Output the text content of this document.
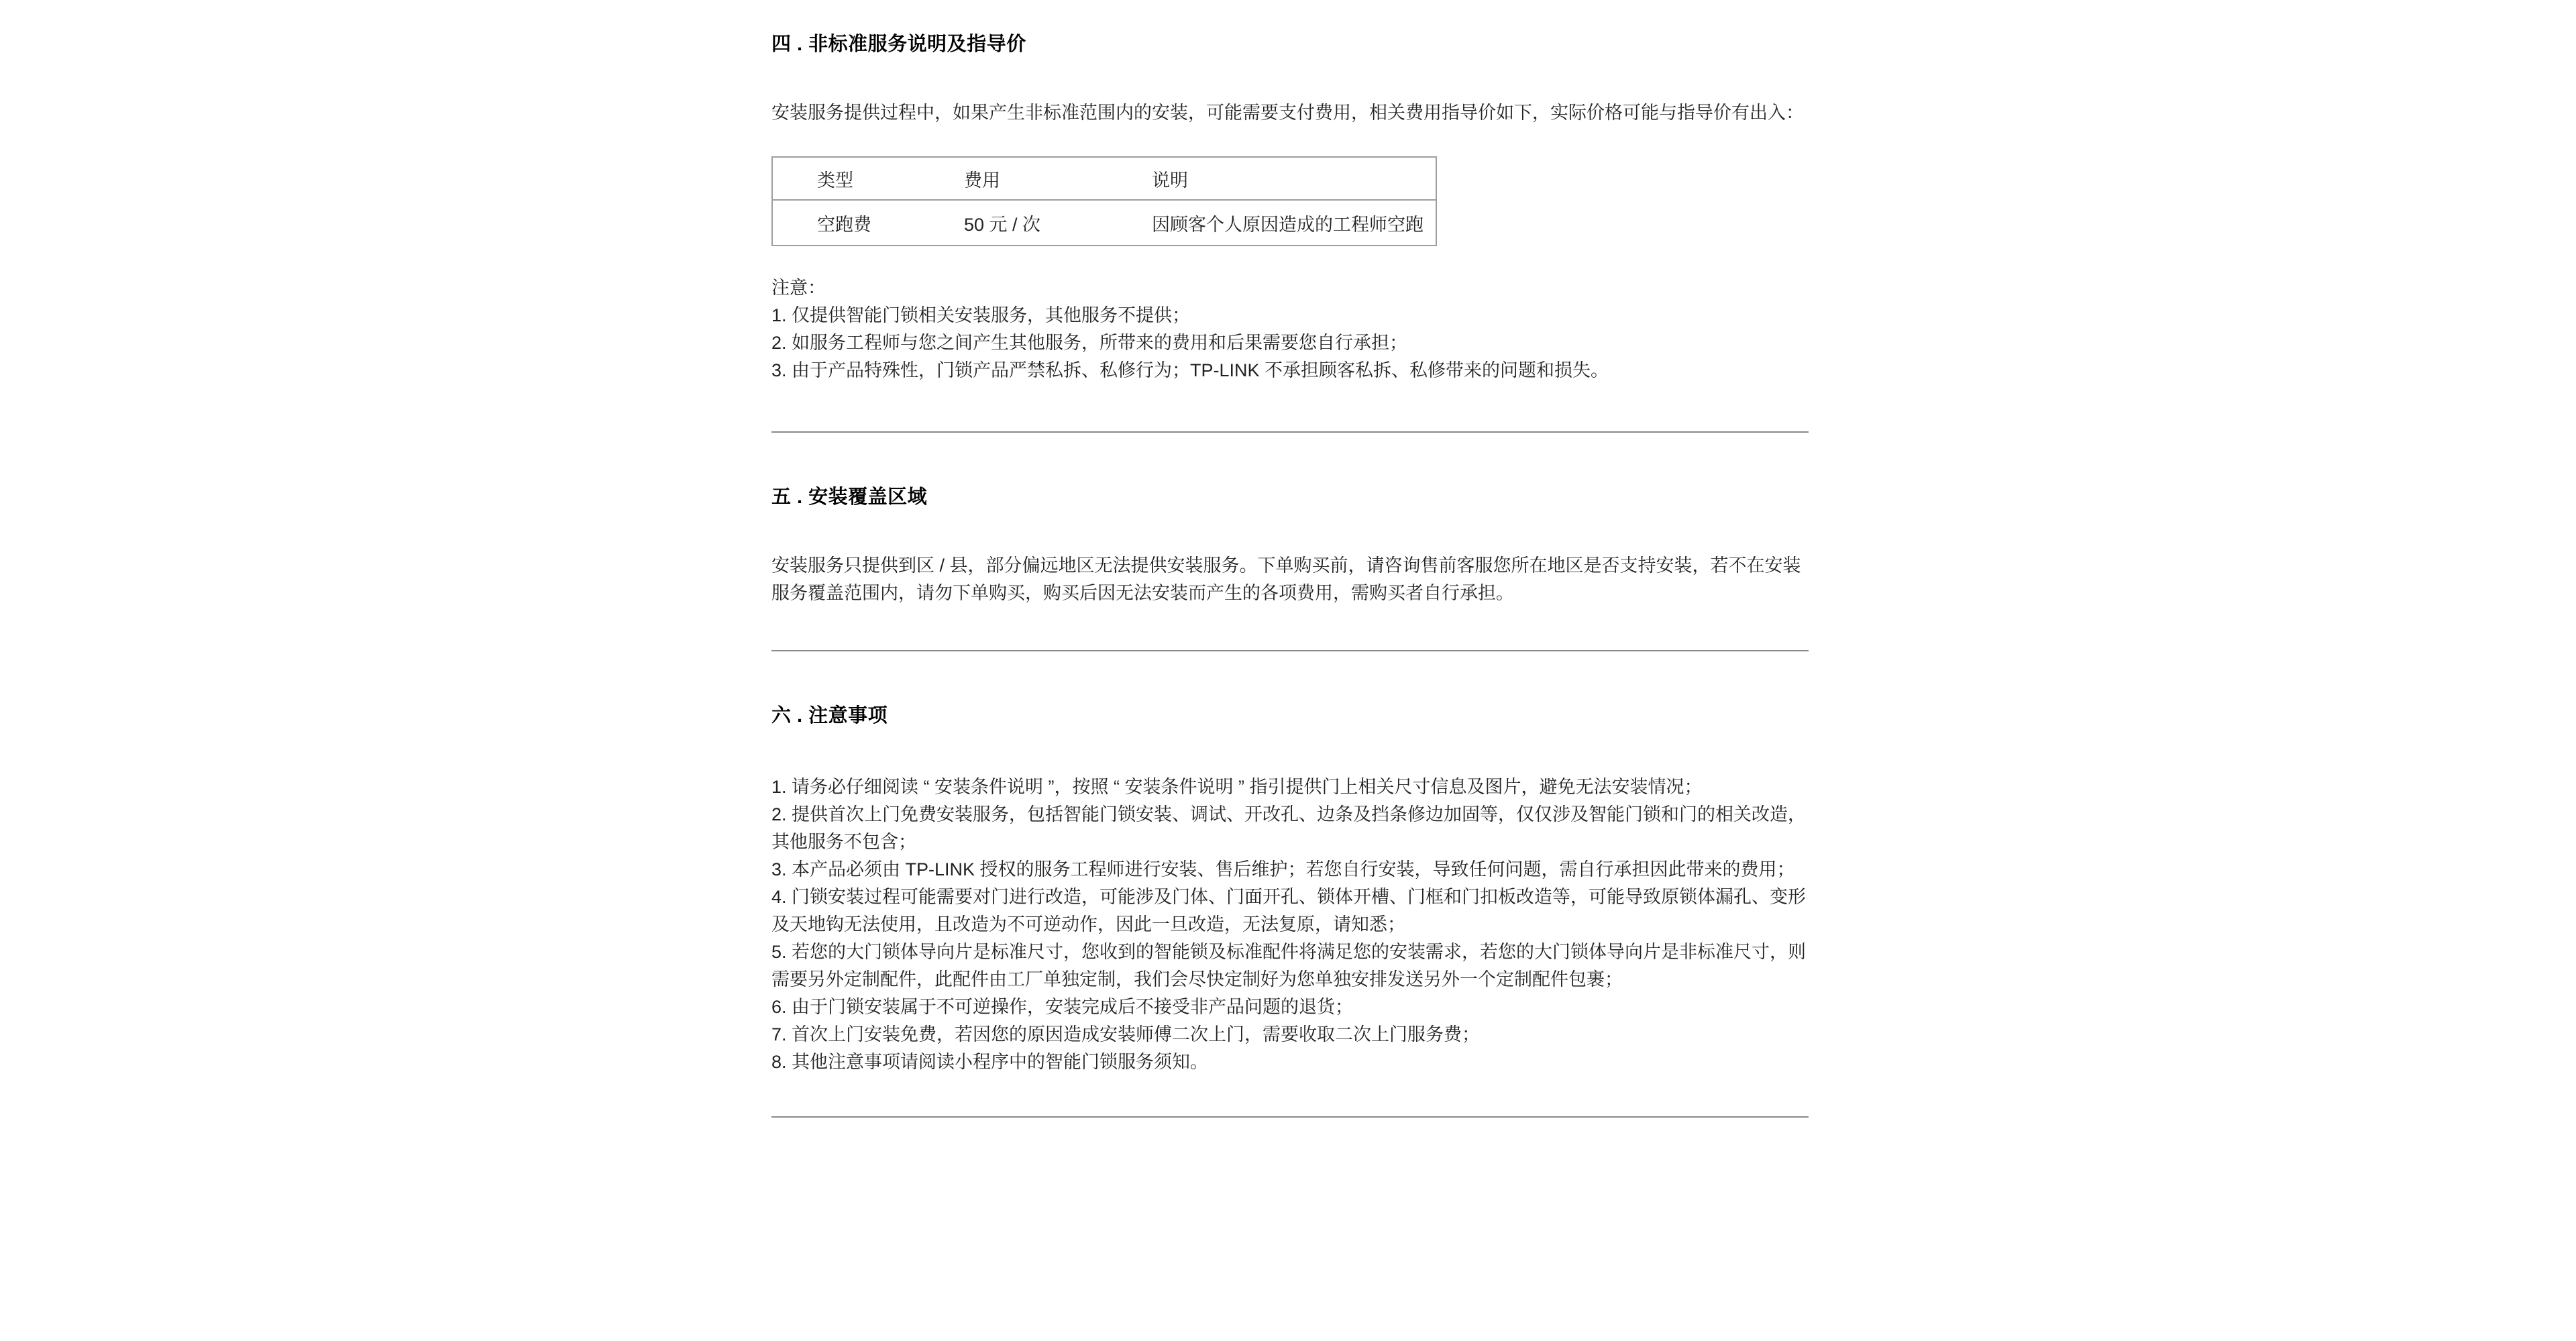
四 . 非标准服务说明及指导价

安装服务提供过程中，如果产生非标准范围内的安装，可能需要支付费用，相关费用指导价如下，实际价格可能与指导价有出入：

类型	费用	说明
空跑费	50 元 / 次	因顾客个人原因造成的工程师空跑
注意：
1. 仅提供智能门锁相关安装服务，其他服务不提供；
2. 如服务工程师与您之间产生其他服务，所带来的费用和后果需要您自行承担；
3. 由于产品特殊性，门锁产品严禁私拆、私修行为；TP-LINK 不承担顾客私拆、私修带来的问题和损失。
五 . 安装覆盖区域

安装服务只提供到区 / 县，部分偏远地区无法提供安装服务。下单购买前，请咨询售前客服您所在地区是否支持安装，若不在安装服务覆盖范围内，请勿下单购买，购买后因无法安装而产生的各项费用，需购买者自行承担。

六 . 注意事项
1. 请务必仔细阅读 “ 安装条件说明 ”，按照 “ 安装条件说明 ” 指引提供门上相关尺寸信息及图片，避免无法安装情况；
2. 提供首次上门免费安装服务，包括智能门锁安装、调试、开改孔、边条及挡条修边加固等，仅仅涉及智能门锁和门的相关改造，其他服务不包含；
3. 本产品必须由 TP-LINK 授权的服务工程师进行安装、售后维护；若您自行安装，导致任何问题，需自行承担因此带来的费用；
4. 门锁安装过程可能需要对门进行改造，可能涉及门体、门面开孔、锁体开槽、门框和门扣板改造等，可能导致原锁体漏孔、变形及天地钩无法使用，且改造为不可逆动作，因此一旦改造，无法复原，请知悉；
5. 若您的大门锁体导向片是标准尺寸，您收到的智能锁及标准配件将满足您的安装需求，若您的大门锁体导向片是非标准尺寸，则需要另外定制配件，此配件由工厂单独定制，我们会尽快定制好为您单独安排发送另外一个定制配件包裹；
6. 由于门锁安装属于不可逆操作，安装完成后不接受非产品问题的退货；
7. 首次上门安装免费，若因您的原因造成安装师傅二次上门，需要收取二次上门服务费；
8. 其他注意事项请阅读小程序中的智能门锁服务须知。
